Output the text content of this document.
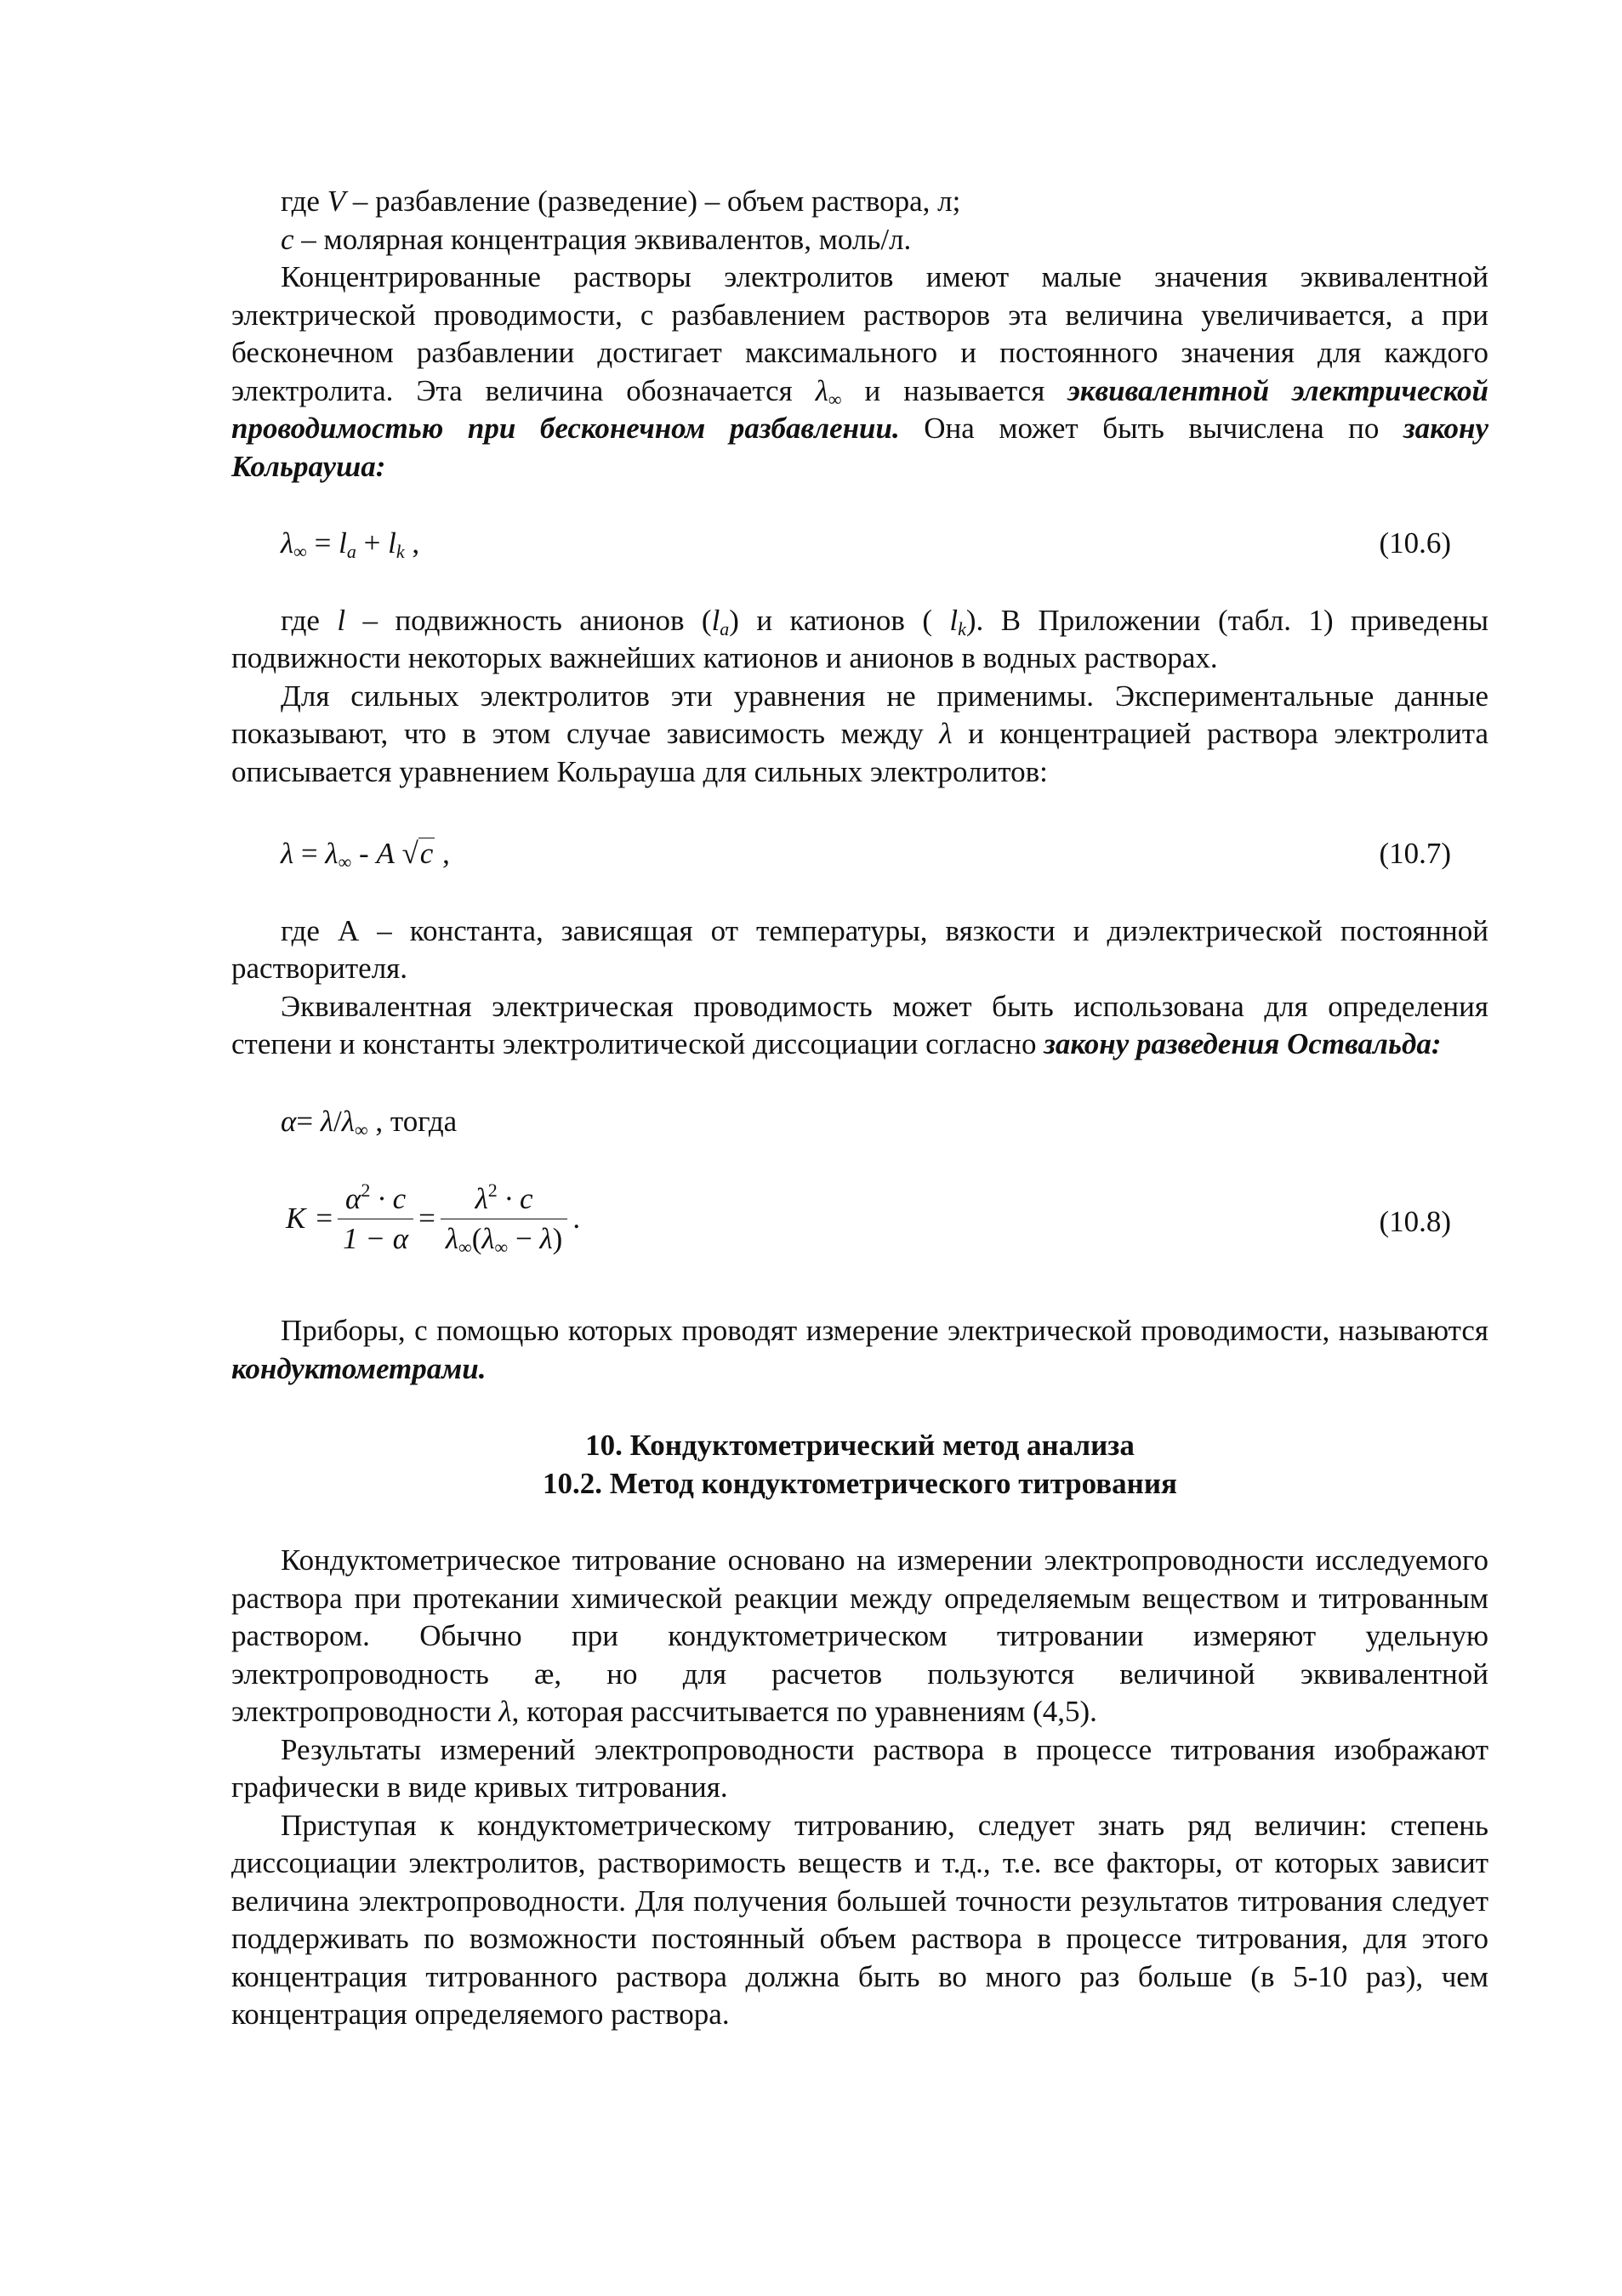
где V – разбавление (разведение) – объем раствора, л;

c – молярная концентрация эквивалентов, моль/л.

Концентрированные растворы электролитов имеют малые значения эквивалентной электрической проводимости, с разбавлением растворов эта величина увеличивается, а при бесконечном разбавлении достигает максимального и постоянного значения для каждого электролита. Эта величина обозначается $\lambda_\infty$ и называется эквивалентной электрической проводимостью при бесконечном разбавлении. Она может быть вычислена по закону Кольрауша:

$\lambda_\infty = l_a + l_k$ ,	(10.6)

где l – подвижность анионов $(l_a)$ и катионов ( $l_k$). В Приложении (табл. 1) приведены подвижности некоторых важнейших катионов и анионов в водных растворах.

Для сильных электролитов эти уравнения не применимы. Экспериментальные данные показывают, что в этом случае зависимость между λ и концентрацией раствора электролита описывается уравнением Кольрауша для сильных электролитов:

$\lambda = \lambda_\infty - A$ √c ,	(10.7)

где А – константа, зависящая от температуры, вязкости и диэлектрической постоянной растворителя.

Эквивалентная электрическая проводимость может быть использована для определения степени и константы электролитической диссоциации согласно закону разведения Оствальда:

$\alpha= \lambda/\lambda_\infty$ , тогда
$K = \frac{\alpha^2 \cdot c}{1 - \alpha} = \frac{\lambda^2 \cdot c}{\lambda_\infty(\lambda_\infty - \lambda)}$ .	(10.8)

Приборы, с помощью которых проводят измерение электрической проводимости, называются кондуктометрами.

10. Кондуктометрический метод анализа

10.2. Метод кондуктометрического титрования

Кондуктометрическое титрование основано на измерении электропроводности исследуемого раствора при протекании химической реакции между определяемым веществом и титрованным раствором. Обычно при кондуктометрическом титровании измеряют удельную электропроводность æ, но для расчетов пользуются величиной эквивалентной электропроводности λ, которая рассчитывается по уравнениям (4,5).

Результаты измерений электропроводности раствора в процессе титрования изображают графически в виде кривых титрования.

Приступая к кондуктометрическому титрованию, следует знать ряд величин: степень диссоциации электролитов, растворимость веществ и т.д., т.е. все факторы, от которых зависит величина электропроводности. Для получения большей точности результатов титрования следует поддерживать по возможности постоянный объем раствора в процессе титрования, для этого концентрация титрованного раствора должна быть во много раз больше (в 5-10 раз), чем концентрация определяемого раствора.
